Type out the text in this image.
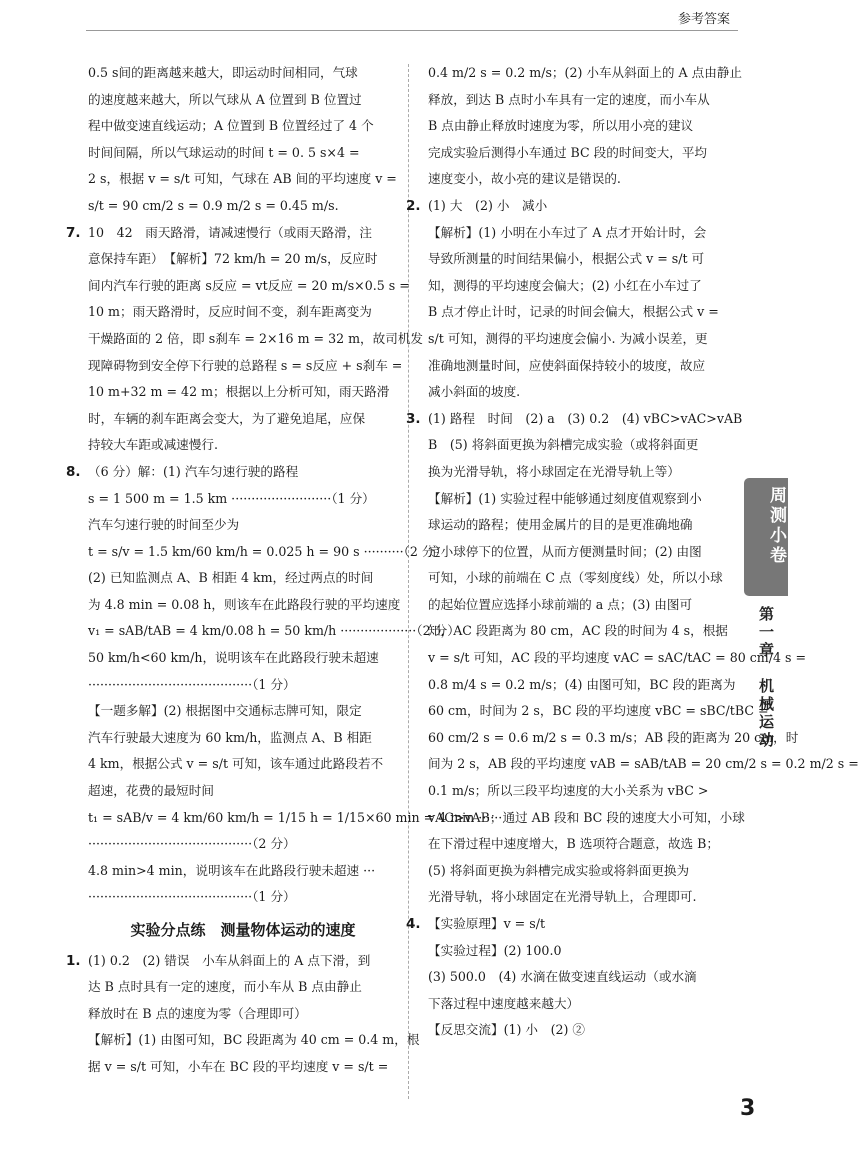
参考答案
0.5 s间的距离越来越大，即运动时间相同，气球
的速度越来越大，所以气球从 A 位置到 B 位置过
程中做变速直线运动；A 位置到 B 位置经过了 4 个
时间间隔，所以气球运动的时间 t = 0. 5 s×4 =
2 s，根据 v = s/t 可知，气球在 AB 间的平均速度 v =
s/t = 90 cm/2 s = 0.9 m/2 s = 0.45 m/s.
7. 10　42　雨天路滑，请减速慢行（或雨天路滑，注
意保持车距）　【解析】72 km/h = 20 m/s，反应时
间内汽车行驶的距离 s反应 = vt反应 = 20 m/s×0.5 s =
10 m；雨天路滑时，反应时间不变，刹车距离变为
干燥路面的 2 倍，即 s刹车 = 2×16 m = 32 m，故司机发
现障碍物到安全停下行驶的总路程 s = s反应 + s刹车 =
10 m+32 m = 42 m；根据以上分析可知，雨天路滑
时，车辆的刹车距离会变大，为了避免追尾，应保
持较大车距或减速慢行.
8. （6 分）解：(1) 汽车匀速行驶的路程
s = 1 500 m = 1.5 km ·························（1 分）
汽车匀速行驶的时间至少为
t = s/v = 1.5 km/60 km/h = 0.025 h = 90 s ··········（2 分）
(2) 已知监测点 A、B 相距 4 km，经过两点的时间
为 4.8 min = 0.08 h，则该车在此路段行驶的平均速度
v₁ = sAB/tAB = 4 km/0.08 h = 50 km/h ···················（2 分）
50 km/h<60 km/h，说明该车在此路段行驶未超速
·········································（1 分）
【一题多解】(2) 根据图中交通标志牌可知，限定
汽车行驶最大速度为 60 km/h，监测点 A、B 相距
4 km，根据公式 v = s/t 可知，该车通过此路段若不
超速，花费的最短时间
t₁ = sAB/v = 4 km/60 km/h = 1/15 h = 1/15×60 min = 4 min ······
·········································（2 分）
4.8 min>4 min，说明该车在此路段行驶未超速 ···
·········································（1 分）
实验分点练　测量物体运动的速度
1. (1) 0.2　(2) 错误　小车从斜面上的 A 点下滑，到
达 B 点时具有一定的速度，而小车从 B 点由静止
释放时在 B 点的速度为零（合理即可）
【解析】(1) 由图可知，BC 段距离为 40 cm = 0.4 m，根
据 v = s/t 可知，小车在 BC 段的平均速度 v = s/t =
0.4 m/2 s = 0.2 m/s；(2) 小车从斜面上的 A 点由静止
释放，到达 B 点时小车具有一定的速度，而小车从
B 点由静止释放时速度为零，所以用小亮的建议
完成实验后测得小车通过 BC 段的时间变大，平均
速度变小，故小亮的建议是错误的.
2. (1) 大　(2) 小　减小
【解析】(1) 小明在小车过了 A 点才开始计时，会
导致所测量的时间结果偏小，根据公式 v = s/t 可
知，测得的平均速度会偏大；(2) 小红在小车过了
B 点才停止计时，记录的时间会偏大，根据公式 v =
s/t 可知，测得的平均速度会偏小. 为减小误差，更
准确地测量时间，应使斜面保持较小的坡度，故应
减小斜面的坡度.
3. (1) 路程　时间　(2) a　(3) 0.2　(4) vBC>vAC>vAB
B　(5) 将斜面更换为斜槽完成实验（或将斜面更
换为光滑导轨，将小球固定在光滑导轨上等）
【解析】(1) 实验过程中能够通过刻度值观察到小
球运动的路程；使用金属片的目的是更准确地确
定小球停下的位置，从而方便测量时间；(2) 由图
可知，小球的前端在 C 点（零刻度线）处，所以小球
的起始位置应选择小球前端的 a 点；(3) 由图可
知，AC 段距离为 80 cm，AC 段的时间为 4 s，根据
v = s/t 可知，AC 段的平均速度 vAC = sAC/tAC = 80 cm/4 s =
0.8 m/4 s = 0.2 m/s；(4) 由图可知，BC 段的距离为
60 cm，时间为 2 s，BC 段的平均速度 vBC = sBC/tBC =
60 cm/2 s = 0.6 m/2 s = 0.3 m/s；AB 段的距离为 20 cm，时
间为 2 s，AB 段的平均速度 vAB = sAB/tAB = 20 cm/2 s = 0.2 m/2 s =
0.1 m/s；所以三段平均速度的大小关系为 vBC >
vAC>vAB；通过 AB 段和 BC 段的速度大小可知，小球
在下滑过程中速度增大，B 选项符合题意，故选 B；
(5) 将斜面更换为斜槽完成实验或将斜面更换为
光滑导轨，将小球固定在光滑导轨上，合理即可.
4. 【实验原理】v = s/t
【实验过程】(2) 100.0
(3) 500.0　(4) 水滴在做变速直线运动（或水滴
下落过程中速度越来越大）
【反思交流】(1) 小　(2) ②
周测小卷
第一章　机械运动
3
